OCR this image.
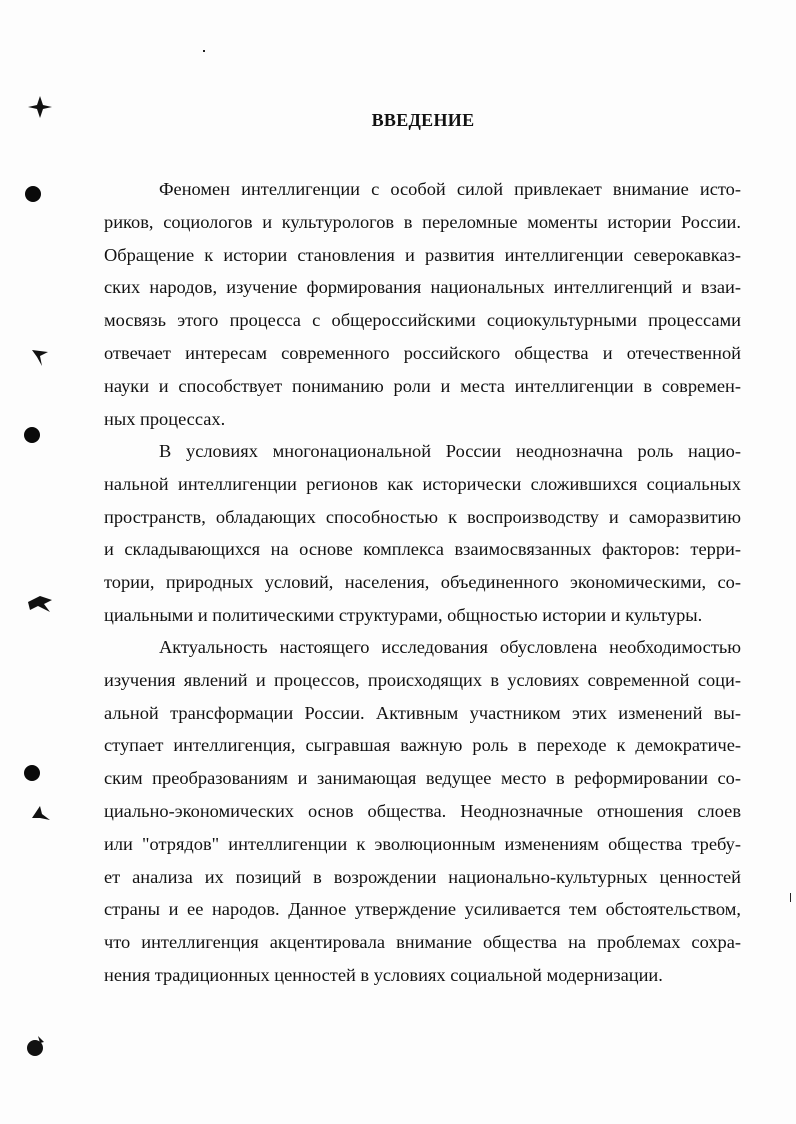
ВВЕДЕНИЕ
Феномен интеллигенции с особой силой привлекает внимание исто-
риков, социологов и культурологов в переломные моменты истории России.
Обращение к истории становления и развития интеллигенции северокавказ-
ских народов, изучение формирования национальных интеллигенций и взаи-
мосвязь этого процесса с общероссийскими социокультурными процессами
отвечает интересам современного российского общества и отечественной
науки и способствует пониманию роли и места интеллигенции в современ-
ных процессах.
В условиях многонациональной России неоднозначна роль нацио-
нальной интеллигенции регионов как исторически сложившихся социальных
пространств, обладающих способностью к воспроизводству и саморазвитию
и складывающихся на основе комплекса взаимосвязанных факторов: терри-
тории, природных условий, населения, объединенного экономическими, со-
циальными и политическими структурами, общностью истории и культуры.
Актуальность настоящего исследования обусловлена необходимостью
изучения явлений и процессов, происходящих в условиях современной соци-
альной трансформации России. Активным участником этих изменений вы-
ступает интеллигенция, сыгравшая важную роль в переходе к демократиче-
ским преобразованиям и занимающая ведущее место в реформировании со-
циально-экономических основ общества. Неоднозначные отношения слоев
или "отрядов" интеллигенции к эволюционным изменениям общества требу-
ет анализа их позиций в возрождении национально-культурных ценностей
страны и ее народов. Данное утверждение усиливается тем обстоятельством,
что интеллигенция акцентировала внимание общества на проблемах сохра-
нения традиционных ценностей в условиях социальной модернизации.
